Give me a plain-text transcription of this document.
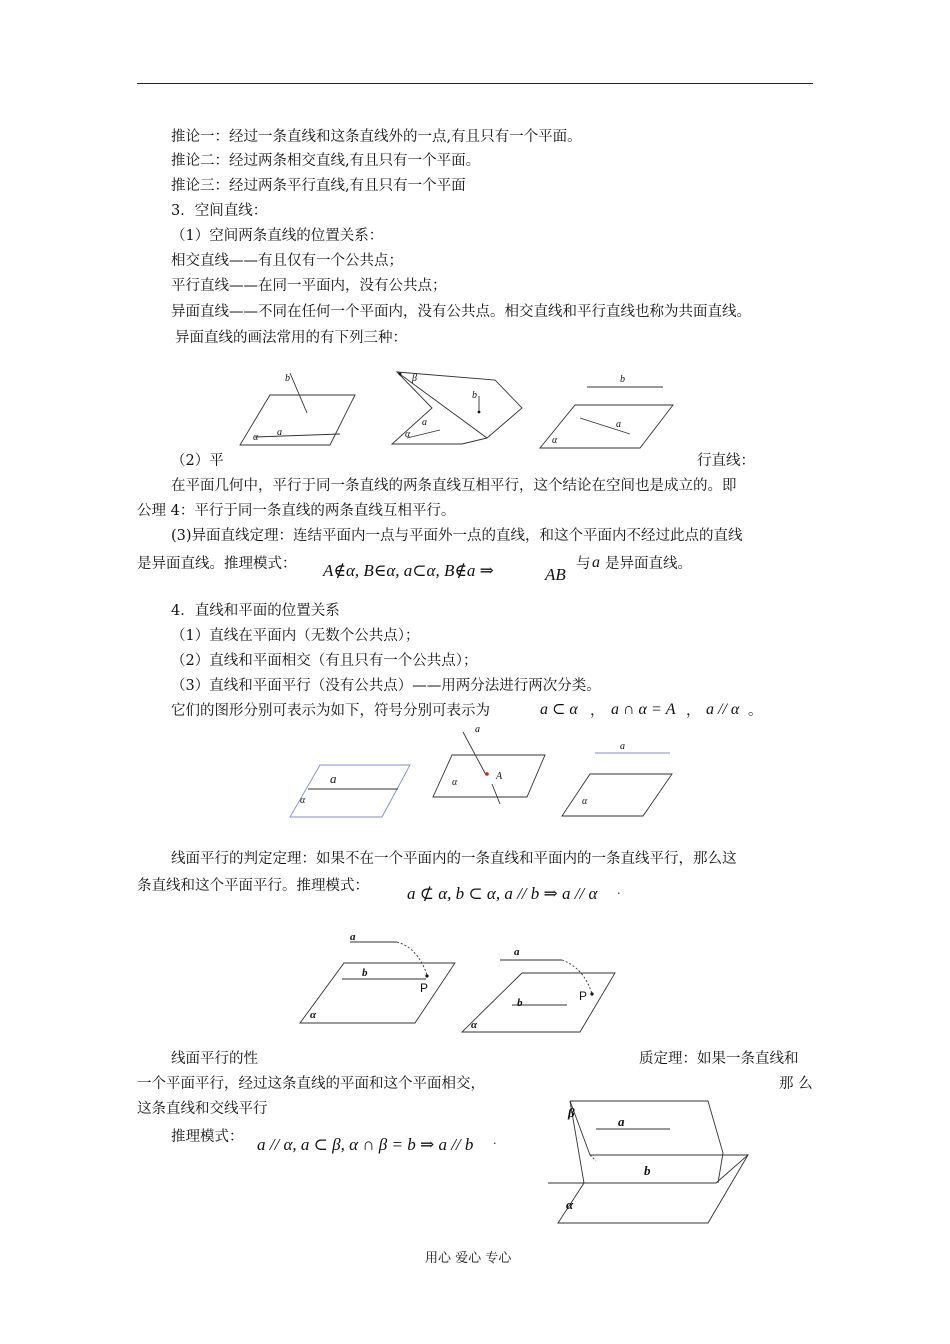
推论一：经过一条直线和这条直线外的一点,有且只有一个平面。
推论二：经过两条相交直线,有且只有一个平面。
推论三：经过两条平行直线,有且只有一个平面
3．空间直线：
（1）空间两条直线的位置关系：
相交直线——有且仅有一个公共点；
平行直线——在同一平面内，没有公共点；
异面直线——不同在任何一个平面内，没有公共点。相交直线和平行直线也称为共面直线。
异面直线的画法常用的有下列三种：
b
α a
β
b
a
α
b
a
α
（2）平	行直线：
在平面几何中，平行于同一条直线的两条直线互相平行，这个结论在空间也是成立的。即
公理 4：平行于同一条直线的两条直线互相平行。
(3)异面直线定理：连结平面内一点与平面外一点的直线，和这个平面内不经过此点的直线
是异面直线。推理模式： A∉α, B∈α, a⊂α, B∉a ⇒	AB
与 a 是异面直线。
4．直线和平面的位置关系
（1）直线在平面内（无数个公共点）；
（2）直线和平面相交（有且只有一个公共点）；
（3）直线和平面平行（没有公共点）——用两分法进行两次分类。
它们的图形分别可表示为如下，符号分别可表示为	a ⊂ α ， a ∩ α = A ， a // α 。
a
α
a
α
A
a
α
线面平行的判定定理：如果不在一个平面内的一条直线和平面内的一条直线平行，那么这
条直线和这个平面平行。推理模式： a ⊄ α, b ⊂ α, a // b ⇒ a // α .
a
b
P
α
a
b	P
α
线面平行的性	质定理：如果一条直线和
一个平面平行，经过这条直线的平面和这个平面相交，	那 么
这条直线和交线平行
推理模式： a // α, a ⊂ β, α ∩ β = b ⇒ a // b .
β
a
b
α
用心 爱心 专心
